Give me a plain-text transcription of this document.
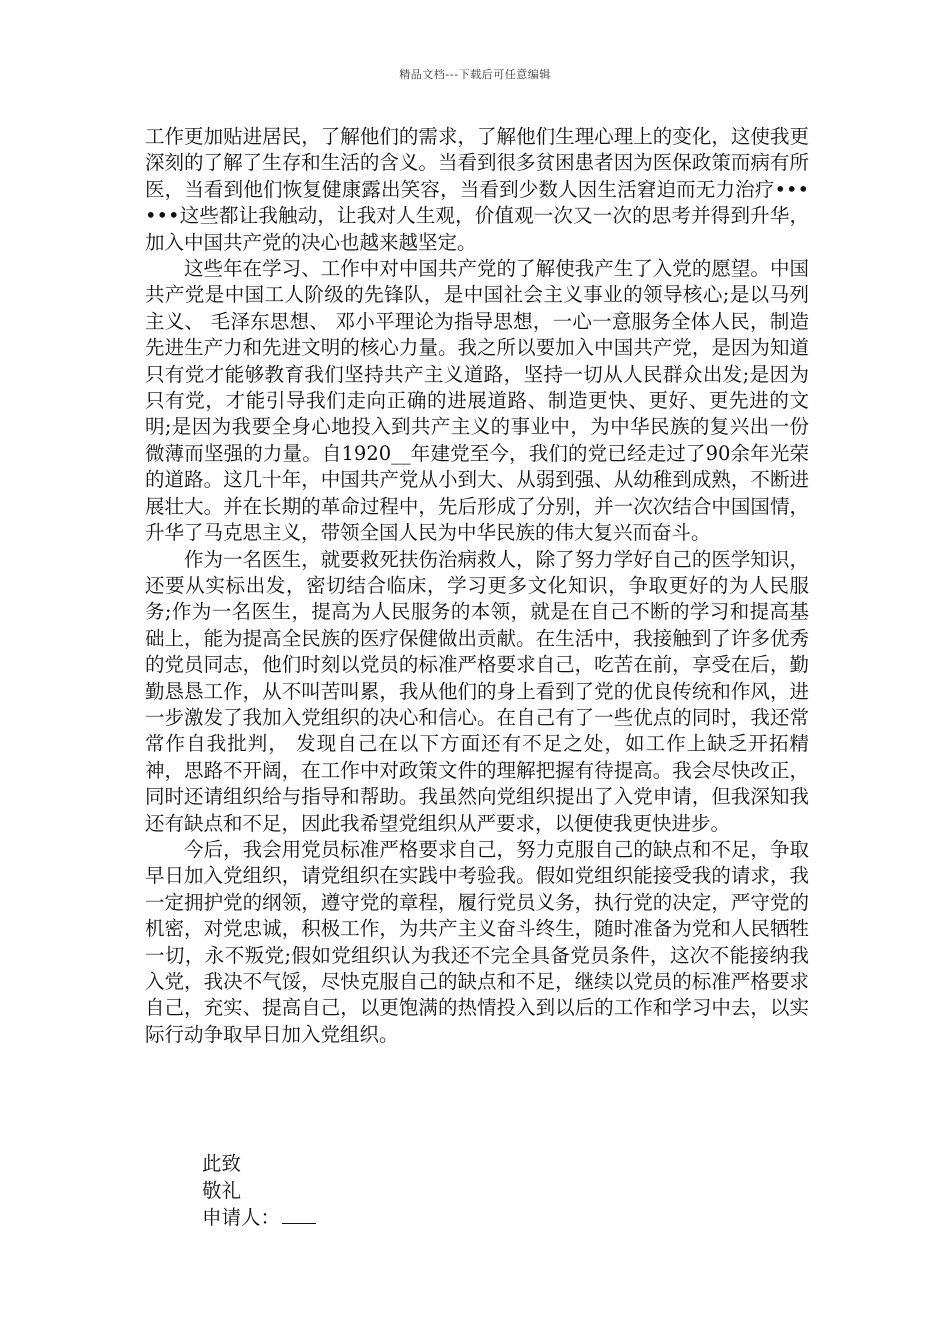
精品文档---下载后可任意编辑

工作更加贴进居民，了解他们的需求，了解他们生理心理上的变化，这使我更深刻的了解了生存和生活的含义。当看到很多贫困患者因为医保政策而病有所医，当看到他们恢复健康露出笑容，当看到少数人因生活窘迫而无力治疗••••••这些都让我触动，让我对人生观，价值观一次又一次的思考并得到升华，加入中国共产党的决心也越来越坚定。

这些年在学习、工作中对中国共产党的了解使我产生了入党的愿望。中国共产党是中国工人阶级的先锋队，是中国社会主义事业的领导核心;是以马列主义、 毛泽东思想、 邓小平理论为指导思想，一心一意服务全体人民，制造先进生产力和先进文明的核心力量。我之所以要加入中国共产党，是因为知道只有党才能够教育我们坚持共产主义道路，坚持一切从人民群众出发;是因为只有党，才能引导我们走向正确的进展道路、制造更快、更好、更先进的文明;是因为我要全身心地投入到共产主义的事业中，为中华民族的复兴出一份微薄而坚强的力量。自1920__年建党至今，我们的党已经走过了90余年光荣的道路。这几十年，中国共产党从小到大、从弱到强、从幼稚到成熟，不断进展壮大。并在长期的革命过程中，先后形成了分别，并一次次结合中国国情，升华了马克思主义，带领全国人民为中华民族的伟大复兴而奋斗。

作为一名医生，就要救死扶伤治病救人，除了努力学好自己的医学知识，还要从实标出发，密切结合临床，学习更多文化知识，争取更好的为人民服务;作为一名医生，提高为人民服务的本领，就是在自己不断的学习和提高基础上，能为提高全民族的医疗保健做出贡献。在生活中，我接触到了许多优秀的党员同志，他们时刻以党员的标准严格要求自己，吃苦在前，享受在后，勤勤恳恳工作，从不叫苦叫累，我从他们的身上看到了党的优良传统和作风，进一步激发了我加入党组织的决心和信心。在自己有了一些优点的同时，我还常常作自我批判， 发现自己在以下方面还有不足之处，如工作上缺乏开拓精神，思路不开阔，在工作中对政策文件的理解把握有待提高。我会尽快改正，同时还请组织给与指导和帮助。我虽然向党组织提出了入党申请，但我深知我还有缺点和不足，因此我希望党组织从严要求，以便使我更快进步。

今后，我会用党员标准严格要求自己，努力克服自己的缺点和不足，争取早日加入党组织，请党组织在实践中考验我。假如党组织能接受我的请求，我一定拥护党的纲领，遵守党的章程，履行党员义务，执行党的决定，严守党的机密，对党忠诚，积极工作，为共产主义奋斗终生，随时准备为党和人民牺牲一切，永不叛党;假如党组织认为我还不完全具备党员条件，这次不能接纳我入党，我决不气馁，尽快克服自己的缺点和不足，继续以党员的标准严格要求自己，充实、提高自己，以更饱满的热情投入到以后的工作和学习中去，以实际行动争取早日加入党组织。

此致
敬礼
申请人：
